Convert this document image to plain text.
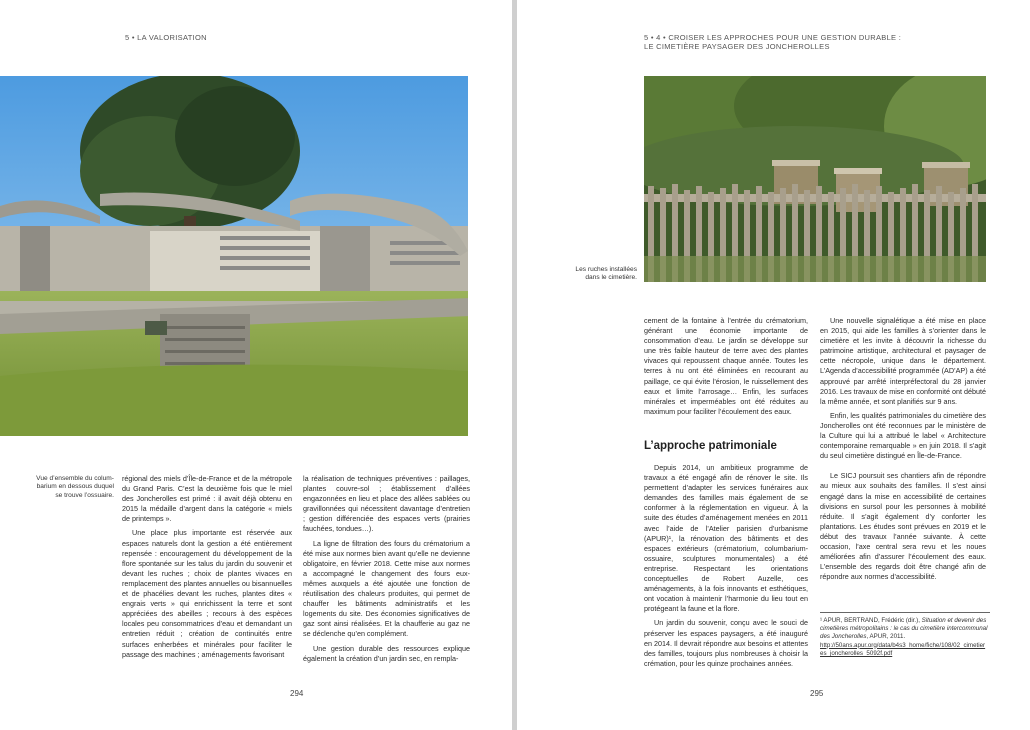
5 • LA VALORISATION
Vue d’ensemble du colum-barium en dessous duquel se trouve l’ossuaire.

régional des miels d’Île-de-France et de la métropole du Grand Paris. C’est la deuxième fois que le miel des Joncherolles est primé : il avait déjà obtenu en 2015 la médaille d’argent dans la catégorie « miels de printemps ».

Une place plus importante est réservée aux espaces naturels dont la gestion a été entièrement repensée : encouragement du développement de la flore spontanée sur les talus du jardin du souvenir et devant les ruches ; choix de plantes vivaces en remplacement des plantes annuelles ou bisannuelles et de phacélies devant les ruches, plantes dites « engrais verts » qui enrichissent la terre et sont appréciées des abeilles ; recours à des espèces locales peu consommatrices d’eau et demandant un entretien réduit ; création de continuités entre surfaces enherbées et minérales pour faciliter le passage des machines ; aménagements favorisant

la réalisation de techniques préventives : paillages, plantes couvre-sol ; établissement d’allées engazonnées en lieu et place des allées sablées ou gravillonnées qui nécessitent davantage d’entretien ; gestion différenciée des espaces verts (prairies fauchées, tondues…).

La ligne de filtration des fours du crématorium a été mise aux normes bien avant qu’elle ne devienne obligatoire, en février 2018. Cette mise aux normes a accompagné le changement des fours eux-mêmes auxquels a été ajoutée une fonction de réutilisation des chaleurs produites, qui permet de chauffer les bâtiments administratifs et les logements du site. Des économies significatives de gaz sont ainsi réalisées. Et la chaufferie au gaz ne se déclenche qu’en complément.

Une gestion durable des ressources explique également la création d’un jardin sec, en rempla-

294
5 • 4 • CROISER LES APPROCHES POUR UNE GESTION DURABLE :
LE CIMETIÈRE PAYSAGER DES JONCHEROLLES
Les ruches installées dans le cimetière.

cement de la fontaine à l’entrée du crématorium, générant une économie importante de consommation d’eau. Le jardin se développe sur une très faible hauteur de terre avec des plantes vivaces qui repoussent chaque année. Toutes les terres à nu ont été éliminées en recourant au paillage, ce qui évite l’érosion, le ruissellement des eaux et limite l’arrosage… Enfin, les surfaces minérales et imperméables ont été réduites au maximum pour faciliter l’écoulement des eaux.

L’approche patrimoniale

Depuis 2014, un ambitieux programme de travaux a été engagé afin de rénover le site. Ils permettent d’adapter les services funéraires aux demandes des familles mais également de se conformer à la réglementation en vigueur. À la suite des études d’aménagement menées en 2011 avec l’aide de l’Atelier parisien d’urbanisme (APUR)¹, la rénovation des bâtiments et des espaces extérieurs (crématorium, columbarium-ossuaire, sculptures monumentales) a été entreprise. Respectant les orientations conceptuelles de Robert Auzelle, ces aménagements, à la fois innovants et esthétiques, ont vocation à maintenir l’harmonie du lieu tout en protégeant la faune et la flore.

Un jardin du souvenir, conçu avec le souci de préserver les espaces paysagers, a été inauguré en 2014. Il devrait répondre aux besoins et attentes des familles, toujours plus nombreuses à choisir la crémation, pour les quinze prochaines années.

Une nouvelle signalétique a été mise en place en 2015, qui aide les familles à s’orienter dans le cimetière et les invite à découvrir la richesse du patrimoine artistique, architectural et paysager de cette nécropole, unique dans le département. L’Agenda d’accessibilité programmée (AD’AP) a été approuvé par arrêté interpréfectoral du 28 janvier 2016. Les travaux de mise en conformité ont débuté la même année, et sont planifiés sur 9 ans.

Enfin, les qualités patrimoniales du cimetière des Joncherolles ont été reconnues par le ministère de la Culture qui lui a attribué le label « Architecture contemporaine remarquable » en juin 2018. Il s’agit du seul cimetière distingué en Île-de-France.

Le SICJ poursuit ses chantiers afin de répondre au mieux aux souhaits des familles. Il s’est ainsi engagé dans la mise en accessibilité de certaines divisions en sursol pour les personnes à mobilité réduite. Il s’agit également d’y conforter les plantations. Les études sont prévues en 2019 et le début des travaux l’année suivante. À cette occasion, l’axe central sera revu et les noues améliorées afin d’assurer l’écoulement des eaux. L’ensemble des regards doit être changé afin de répondre aux normes d’accessibilité.

¹ APUR, BERTRAND, Frédéric (dir.), Situation et devenir des cimetières métropolitains : le cas du cimetière intercommunal des Joncherolles, APUR, 2011.
http://50ans.apur.org/data/b4s3_home/fiche/108/02_cimetieres_joncherolles_5092f.pdf
295
